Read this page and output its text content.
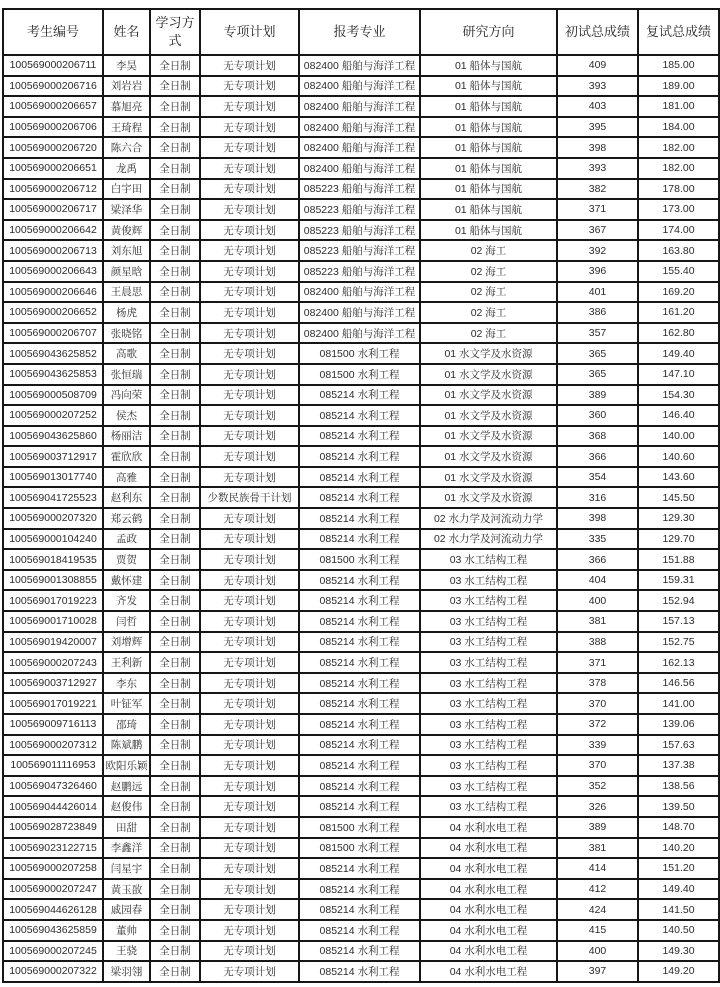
考生编号	姓名	学习方式	专项计划	报考专业	研究方向	初试总成绩	复试总成绩
100569000206711	李昊	全日制	无专项计划	082400 船舶与海洋工程	01 船体与国航	409	185.00
100569000206716	刘岩岩	全日制	无专项计划	082400 船舶与海洋工程	01 船体与国航	393	189.00
100569000206657	慕旭亮	全日制	无专项计划	082400 船舶与海洋工程	01 船体与国航	403	181.00
100569000206706	王琦程	全日制	无专项计划	082400 船舶与海洋工程	01 船体与国航	395	184.00
100569000206720	陈六合	全日制	无专项计划	082400 船舶与海洋工程	01 船体与国航	398	182.00
100569000206651	龙禹	全日制	无专项计划	082400 船舶与海洋工程	01 船体与国航	393	182.00
100569000206712	白宇田	全日制	无专项计划	085223 船舶与海洋工程	01 船体与国航	382	178.00
100569000206717	梁泽华	全日制	无专项计划	085223 船舶与海洋工程	01 船体与国航	371	173.00
100569000206642	黄俊辉	全日制	无专项计划	085223 船舶与海洋工程	01 船体与国航	367	174.00
100569000206713	刘东旭	全日制	无专项计划	085223 船舶与海洋工程	02 海工	392	163.80
100569000206643	颜星晗	全日制	无专项计划	085223 船舶与海洋工程	02 海工	396	155.40
100569000206646	王晨思	全日制	无专项计划	082400 船舶与海洋工程	02 海工	401	169.20
100569000206652	杨虎	全日制	无专项计划	082400 船舶与海洋工程	02 海工	386	161.20
100569000206707	张晓铭	全日制	无专项计划	082400 船舶与海洋工程	02 海工	357	162.80
100569043625852	高歌	全日制	无专项计划	081500 水利工程	01 水文学及水资源	365	149.40
100569043625853	张恒瑞	全日制	无专项计划	081500 水利工程	01 水文学及水资源	365	147.10
100569000508709	冯向荣	全日制	无专项计划	085214 水利工程	01 水文学及水资源	389	154.30
100569000207252	侯杰	全日制	无专项计划	085214 水利工程	01 水文学及水资源	360	146.40
100569043625860	杨丽洁	全日制	无专项计划	085214 水利工程	01 水文学及水资源	368	140.00
100569003712917	霍欣欣	全日制	无专项计划	085214 水利工程	01 水文学及水资源	366	140.60
100569013017740	高雅	全日制	无专项计划	085214 水利工程	01 水文学及水资源	354	143.60
100569041725523	赵利东	全日制	少数民族骨干计划	085214 水利工程	01 水文学及水资源	316	145.50
100569000207320	郑云鹤	全日制	无专项计划	085214 水利工程	02 水力学及河流动力学	398	129.30
100569000104240	孟政	全日制	无专项计划	085214 水利工程	02 水力学及河流动力学	335	129.70
100569018419535	贾贺	全日制	无专项计划	081500 水利工程	03 水工结构工程	366	151.88
100569001308855	戴怀建	全日制	无专项计划	085214 水利工程	03 水工结构工程	404	159.31
100569017019223	齐发	全日制	无专项计划	085214 水利工程	03 水工结构工程	400	152.94
100569001710028	闫哲	全日制	无专项计划	085214 水利工程	03 水工结构工程	381	157.13
100569019420007	刘增辉	全日制	无专项计划	085214 水利工程	03 水工结构工程	388	152.75
100569000207243	王利新	全日制	无专项计划	085214 水利工程	03 水工结构工程	371	162.13
100569003712927	李东	全日制	无专项计划	085214 水利工程	03 水工结构工程	378	146.56
100569017019221	叶钲军	全日制	无专项计划	085214 水利工程	03 水工结构工程	370	141.00
100569009716113	邵琦	全日制	无专项计划	085214 水利工程	03 水工结构工程	372	139.06
100569000207312	陈斌鹏	全日制	无专项计划	085214 水利工程	03 水工结构工程	339	157.63
100569011116953	欧阳乐颖	全日制	无专项计划	085214 水利工程	03 水工结构工程	370	137.38
100569047326460	赵鹏远	全日制	无专项计划	085214 水利工程	03 水工结构工程	352	138.56
100569044426014	赵俊伟	全日制	无专项计划	085214 水利工程	03 水工结构工程	326	139.50
100569028723849	田甜	全日制	无专项计划	081500 水利工程	04 水利水电工程	389	148.70
100569023122715	李鑫洋	全日制	无专项计划	081500 水利工程	04 水利水电工程	381	140.20
100569000207258	闫星宇	全日制	无专项计划	085214 水利工程	04 水利水电工程	414	151.20
100569000207247	黄玉敔	全日制	无专项计划	085214 水利工程	04 水利水电工程	412	149.40
100569044626128	戚园春	全日制	无专项计划	085214 水利工程	04 水利水电工程	424	141.50
100569043625859	董帅	全日制	无专项计划	085214 水利工程	04 水利水电工程	415	140.50
100569000207245	王骁	全日制	无专项计划	085214 水利工程	04 水利水电工程	400	149.30
100569000207322	梁羽翎	全日制	无专项计划	085214 水利工程	04 水利水电工程	397	149.20
